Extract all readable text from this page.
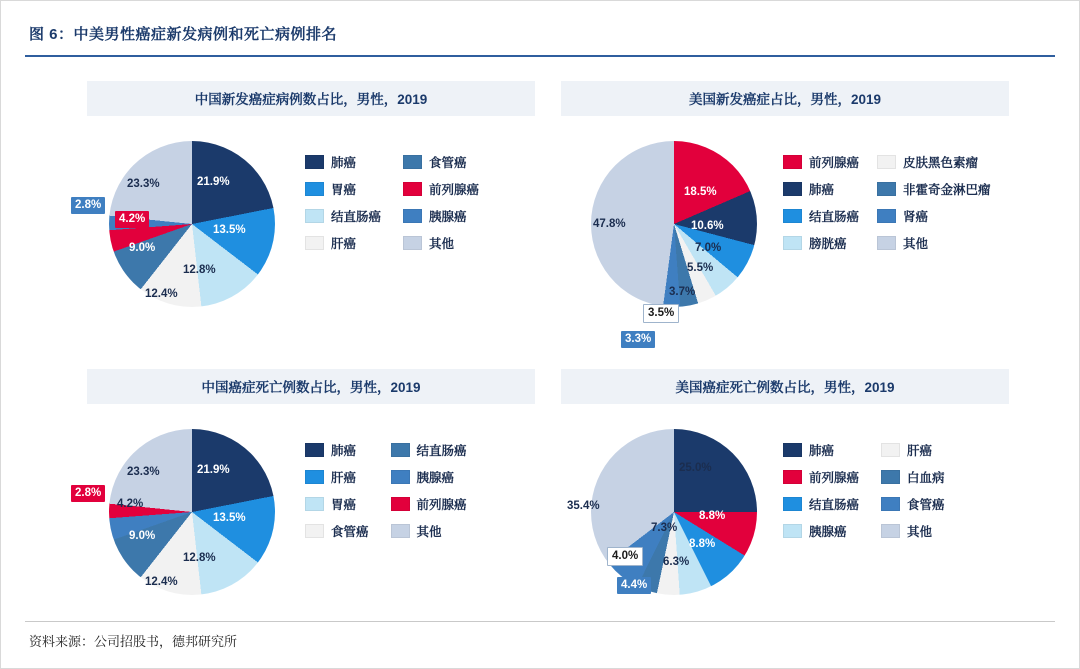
图 6：中美男性癌症新发病例和死亡病例排名
中国新发癌症病例数占比，男性，2019
21.9%
13.5%
12.8%
12.4%
9.0%
4.2%
2.8%
23.3%
肺癌	食管癌
胃癌	前列腺癌
结直肠癌	胰腺癌
肝癌	其他
美国新发癌症占比，男性，2019
18.5%
10.6%
7.0%
5.5%
3.7%
3.5%
3.3%
47.8%
前列腺癌	皮肤黑色素瘤
肺癌	非霍奇金淋巴瘤
结直肠癌	肾癌
膀胱癌	其他
中国癌症死亡例数占比，男性，2019
21.9%
13.5%
12.8%
12.4%
9.0%
4.2%
2.8%
23.3%
肺癌	结直肠癌
肝癌	胰腺癌
胃癌	前列腺癌
食管癌	其他
美国癌症死亡例数占比，男性，2019
25.0%
8.8%
8.8%
6.3%
4.4%
4.0%
7.3%
35.4%
肺癌	肝癌
前列腺癌	白血病
结直肠癌	食管癌
胰腺癌	其他
资料来源：公司招股书，德邦研究所
